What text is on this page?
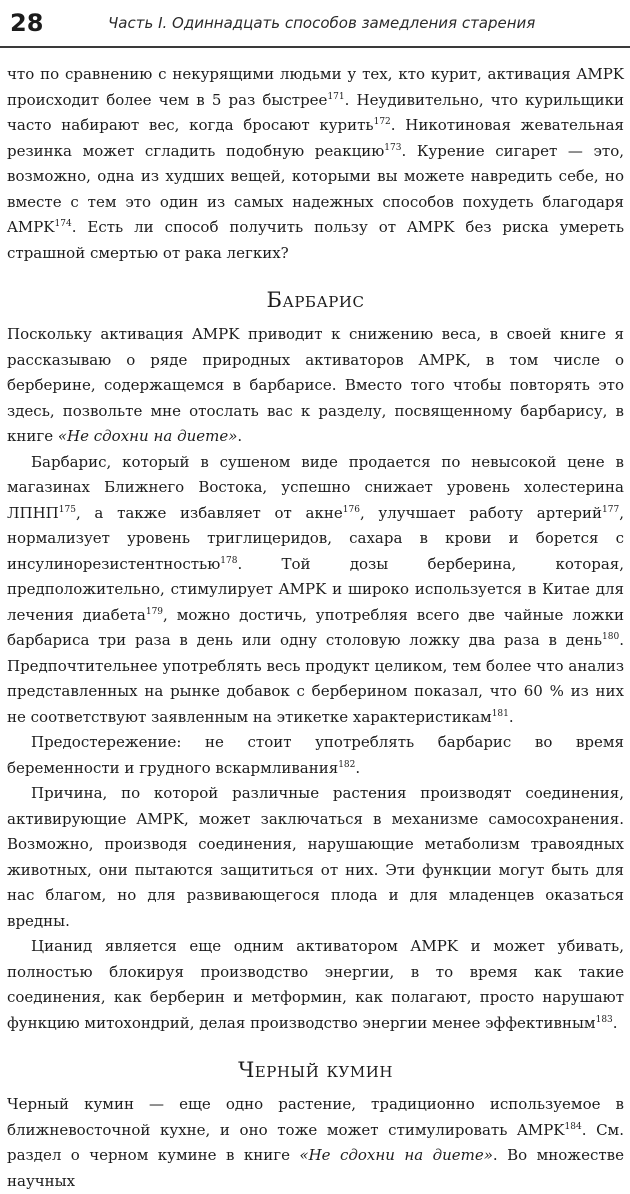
28	Часть I. Одиннадцать способов замедления старения

что по сравнению с некурящими людьми у тех, кто курит, активация AMPK происходит более чем в 5 раз быстрее$^{171}$. Неудивительно, что курильщики часто набирают вес, когда бросают курить$^{172}$. Никотиновая жевательная резинка может сгладить подобную реакцию$^{173}$. Курение сигарет — это, возможно, одна из худших вещей, которыми вы можете навредить себе, но вместе с тем это один из самых надежных способов похудеть благодаря AMPK$^{174}$. Есть ли способ получить пользу от AMPK без риска умереть страшной смертью от рака легких?

Барбарис

Поскольку активация AMPK приводит к снижению веса, в своей книге я рассказываю о ряде природных активаторов AMPK, в том числе о берберине, содержащемся в барбарисе. Вместо того чтобы повторять это здесь, позвольте мне отослать вас к разделу, посвященному барбарису, в книге «Не сдохни на диете».

Барбарис, который в сушеном виде продается по невысокой цене в магазинах Ближнего Востока, успешно снижает уровень холестерина ЛПНП$^{175}$, а также избавляет от акне$^{176}$, улучшает работу артерий$^{177}$, нормализует уровень триглицеридов, сахара в крови и борется с инсулинорезистентностью$^{178}$. Той дозы берберина, которая, предположительно, стимулирует AMPK и широко используется в Китае для лечения диабета$^{179}$, можно достичь, употребляя всего две чайные ложки барбариса три раза в день или одну столовую ложку два раза в день$^{180}$. Предпочтительнее употреблять весь продукт целиком, тем более что анализ представленных на рынке добавок с берберином показал, что 60 % из них не соответствуют заявленным на этикетке характеристикам$^{181}$.

Предостережение: не стоит употреблять барбарис во время беременности и грудного вскармливания$^{182}$.

Причина, по которой различные растения производят соединения, активирующие AMPK, может заключаться в механизме самосохранения. Возможно, производя соединения, нарушающие метаболизм травоядных животных, они пытаются защититься от них. Эти функции могут быть для нас благом, но для развивающегося плода и для младенцев оказаться вредны.

Цианид является еще одним активатором AMPK и может убивать, полностью блокируя производство энергии, в то время как такие соединения, как берберин и метформин, как полагают, просто нарушают функцию митохондрий, делая производство энергии менее эффективным$^{183}$.

Черный кумин

Черный кумин — еще одно растение, традиционно используемое в ближневосточной кухне, и оно тоже может стимулировать AMPK$^{184}$. См. раздел о черном кумине в книге «Не сдохни на диете». Во множестве научных
